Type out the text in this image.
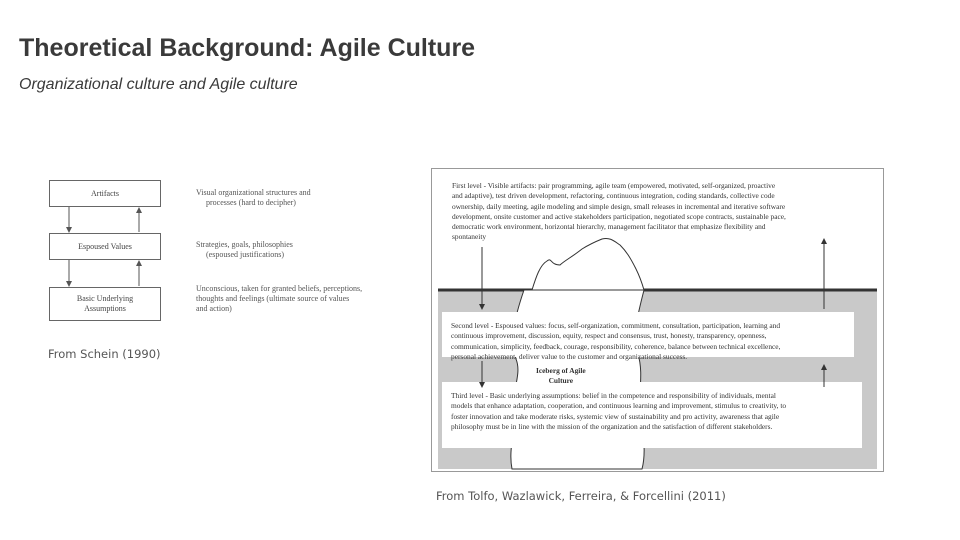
Theoretical Background: Agile Culture
Organizational culture and Agile culture
Artifacts
Espoused Values
Basic Underlying
Assumptions
Visual organizational structures and
processes (hard to decipher)
Strategies, goals, philosophies
(espoused justifications)
Unconscious, taken for granted beliefs, perceptions,
thoughts and feelings (ultimate source of values
and action)
From Schein (1990)
First level - Visible artifacts: pair programming, agile team (empowered, motivated, self-organized, proactive
and adaptive), test driven development, refactoring, continuous integration, coding standards, collective code
ownership, daily meeting, agile modeling and simple design, small releases in incremental and iterative software
development, onsite customer and active stakeholders participation, negotiated scope contracts, sustainable pace,
democratic work environment, horizontal hierarchy, management facilitator that emphasize flexibility and
spontaneity
Second level - Espoused values: focus, self-organization, commitment, consultation, participation, learning and
continuous improvement, discussion, equity, respect and consensus, trust, honesty, transparency, openness,
communication, simplicity, feedback, courage, responsibility, coherence, balance between technical excellence,
personal achievement, deliver value to the customer and organizational success.
Iceberg of Agile
Culture
Third level - Basic underlying assumptions: belief in the competence and responsibility of individuals, mental
models that enhance adaptation, cooperation, and continuous learning and improvement, stimulus to creativity, to
foster innovation and take moderate risks, systemic view of sustainability and pro activity, awareness that agile
philosophy must be in line with the mission of the organization and the satisfaction of different stakeholders.
From Tolfo, Wazlawick, Ferreira, & Forcellini (2011)
